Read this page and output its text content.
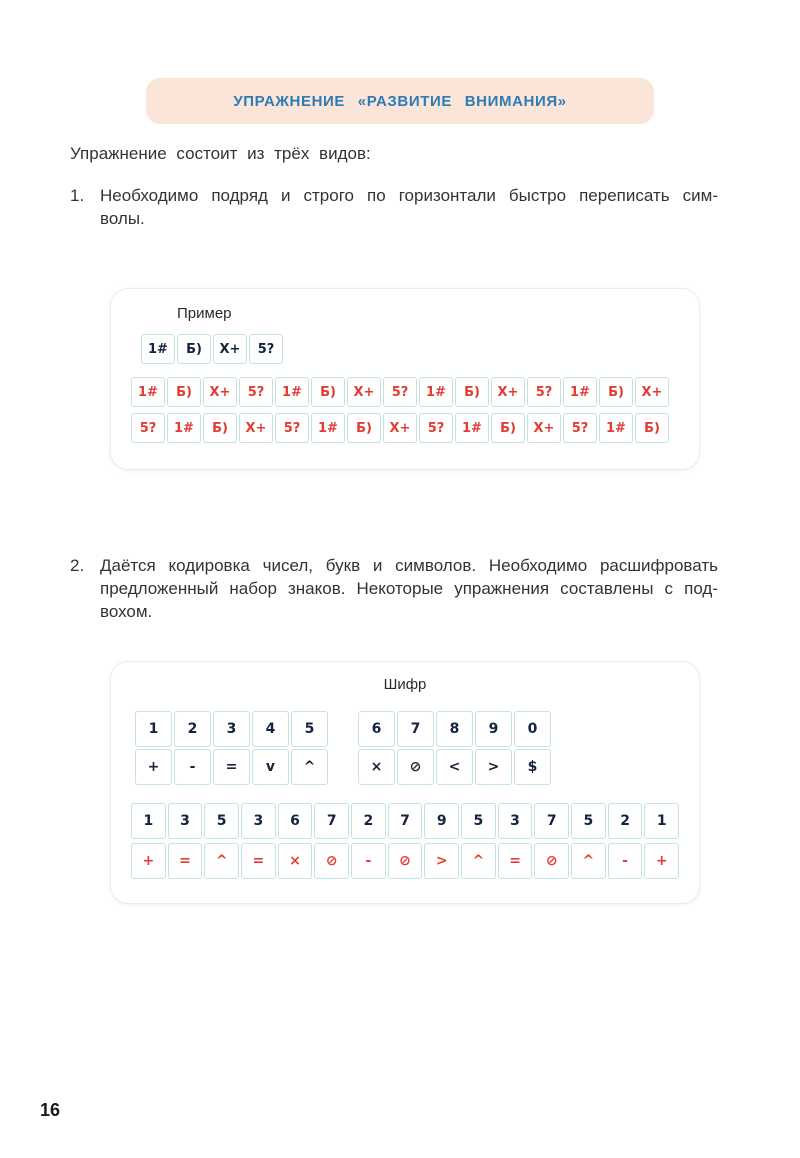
УПРАЖНЕНИЕ «РАЗВИТИЕ ВНИМАНИЯ»
Упражнение состоит из трёх видов:
1. Необходимо подряд и строго по горизонтали быстро переписать сим-
волы.
Пример
1#	Б)	Х+	5?
1#	Б)	Х+	5?	1#	Б)	Х+	5?	1#	Б)	Х+	5?	1#	Б)	Х+
5?	1#	Б)	Х+	5?	1#	Б)	Х+	5?	1#	Б)	Х+	5?	1#	Б)
2. Даётся кодировка чисел, букв и символов. Необходимо расшифровать
предложенный набор знаков. Некоторые упражнения составлены с под-
вохом.
Шифр
1	2	3	4	5
+	-	=	v	^
6	7	8	9	0
×	⊘	<	>	$
1	3	5	3	6	7	2	7	9	5	3	7	5	2	1
+	=	^	=	×	⊘	-	⊘	>	^	=	⊘	^	-	+
16
